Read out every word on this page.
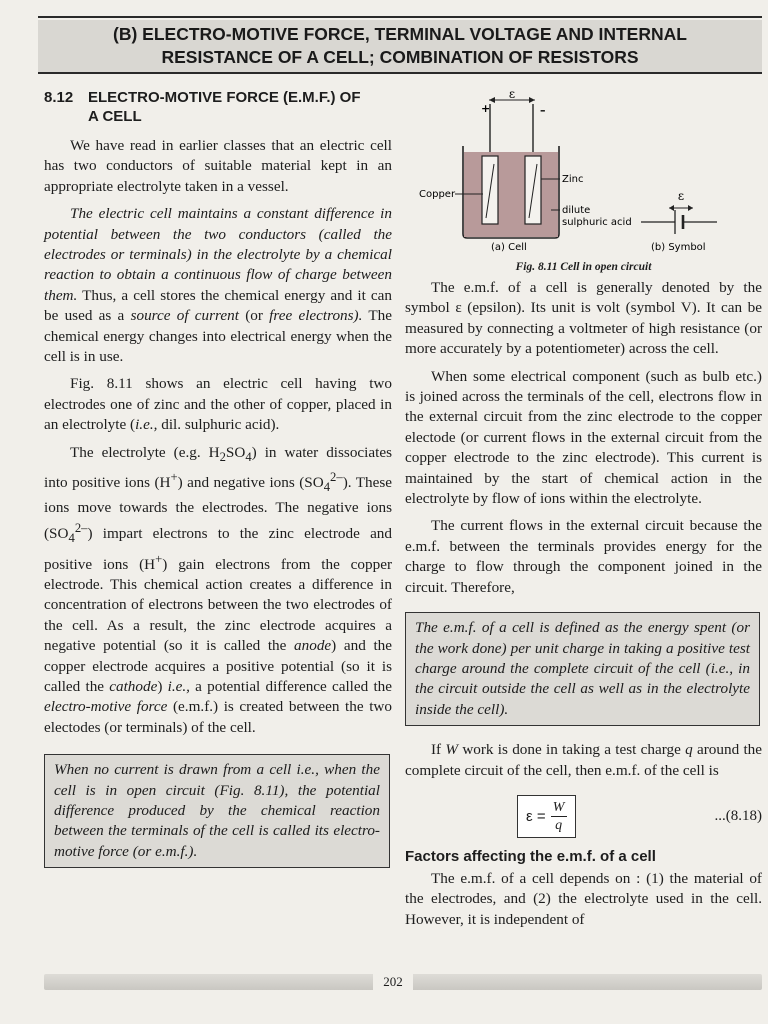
(B) ELECTRO-MOTIVE FORCE, TERMINAL VOLTAGE AND INTERNAL
RESISTANCE OF A CELL; COMBINATION OF RESISTORS
8.12 ELECTRO-MOTIVE FORCE (E.M.F.) OF
A CELL

We have read in earlier classes that an electric cell has two conductors of suitable material kept in an appropriate electrolyte taken in a vessel.

The electric cell maintains a constant difference in potential between the two conductors (called the electrodes or terminals) in the electrolyte by a chemical reaction to obtain a continuous flow of charge between them. Thus, a cell stores the chemical energy and it can be used as a source of current (or free electrons). The chemical energy changes into electrical energy when the cell is in use.

Fig. 8.11 shows an electric cell having two electrodes one of zinc and the other of copper, placed in an electrolyte (i.e., dil. sulphuric acid).

The electrolyte (e.g. $H_2SO_4$) in water dissociates into positive ions (H+) and negative ions $(SO_4^{2-})$. These ions move towards the electrodes. The negative ions $(SO_4^{2-})$ impart electrons to the zinc electrode and positive ions (H+) gain electrons from the copper electrode. This chemical action creates a difference in concentration of electrons between the two electrodes of the cell. As a result, the zinc electrode acquires a negative potential (so it is called the anode) and the copper electrode acquires a positive potential (so it is called the cathode) i.e., a potential difference called the electro-motive force (e.m.f.) is created between the two electodes (or terminals) of the cell.

When no current is drawn from a cell i.e., when the cell is in open circuit (Fig. 8.11), the potential difference produced by the chemical reaction between the terminals of the cell is called its electro-motive force (or e.m.f.).

ε
+	–
Copper
Zinc
dilute
sulphuric acid
(a) Cell
ε
(b) Symbol
Fig. 8.11 Cell in open circuit

The e.m.f. of a cell is generally denoted by the symbol ε (epsilon). Its unit is volt (symbol V). It can be measured by connecting a voltmeter of high resistance (or more accurately by a potentiometer) across the cell.

When some electrical component (such as bulb etc.) is joined across the terminals of the cell, electrons flow in the external circuit from the zinc electrode to the copper electode (or current flows in the external circuit from the copper electrode to the zinc electrode). This current is maintained by the start of chemical action in the electrolyte by flow of ions within the electrolyte.

The current flows in the external circuit because the e.m.f. between the terminals provides energy for the charge to flow through the component joined in the circuit. Therefore,

The e.m.f. of a cell is defined as the energy spent (or the work done) per unit charge in taking a positive test charge around the complete circuit of the cell (i.e., in the circuit outside the cell as well as in the electrolyte inside the cell).

If W work is done in taking a test charge q around the complete circuit of the cell, then e.m.f. of the cell is

$\varepsilon = \frac{W}{q}$	...(8.18)
Factors affecting the e.m.f. of a cell

The e.m.f. of a cell depends on : (1) the material of the electrodes, and (2) the electrolyte used in the cell. However, it is independent of

202
